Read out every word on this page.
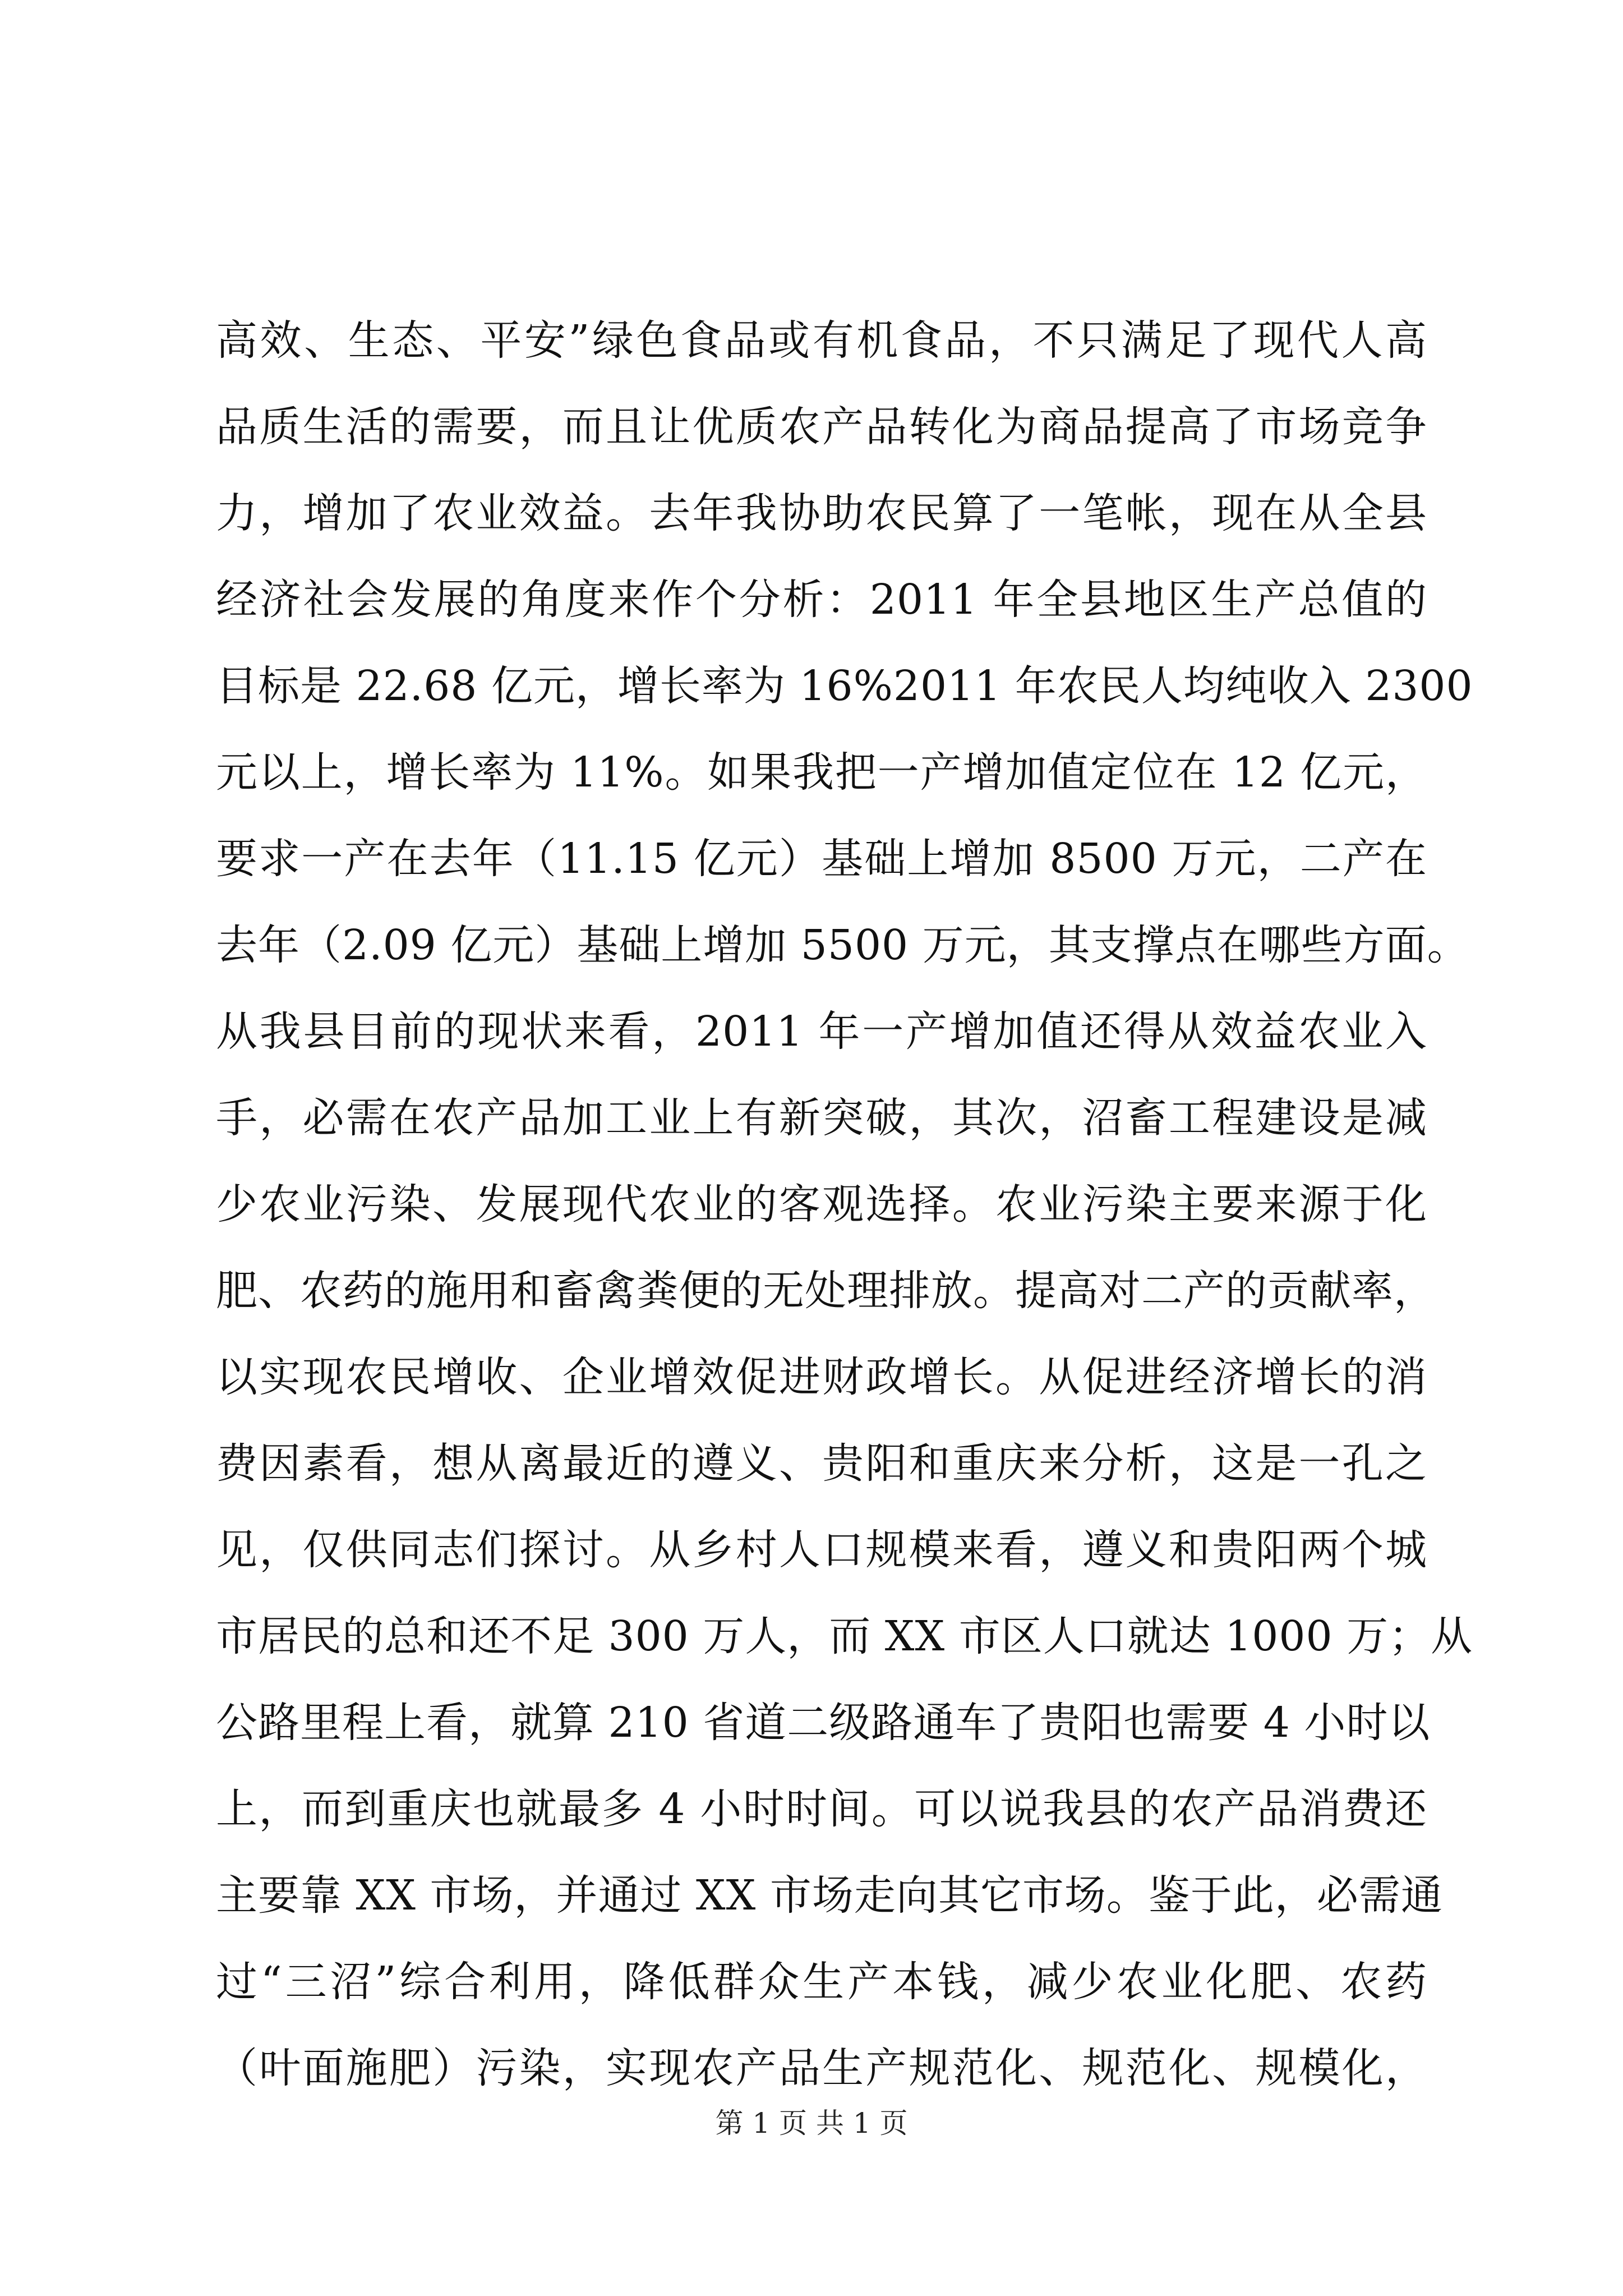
高效、生态、平安”绿色食品或有机食品，不只满足了现代人高
品质生活的需要，而且让优质农产品转化为商品提高了市场竞争
力，增加了农业效益。去年我协助农民算了一笔帐，现在从全县
经济社会发展的角度来作个分析：2011 年全县地区生产总值的
目标是 22.68 亿元，增长率为 16%2011 年农民人均纯收入 2300
元以上，增长率为 11%。如果我把一产增加值定位在 12 亿元，
要求一产在去年（11.15 亿元）基础上增加 8500 万元，二产在
去年（2.09 亿元）基础上增加 5500 万元，其支撑点在哪些方面。
从我县目前的现状来看，2011 年一产增加值还得从效益农业入
手，必需在农产品加工业上有新突破，其次，沼畜工程建设是减
少农业污染、发展现代农业的客观选择。农业污染主要来源于化
肥、农药的施用和畜禽粪便的无处理排放。提高对二产的贡献率，
以实现农民增收、企业增效促进财政增长。从促进经济增长的消
费因素看，想从离最近的遵义、贵阳和重庆来分析，这是一孔之
见，仅供同志们探讨。从乡村人口规模来看，遵义和贵阳两个城
市居民的总和还不足 300 万人，而 XX 市区人口就达 1000 万；从
公路里程上看，就算 210 省道二级路通车了贵阳也需要 4 小时以
上，而到重庆也就最多 4 小时时间。可以说我县的农产品消费还
主要靠 XX 市场，并通过 XX 市场走向其它市场。鉴于此，必需通
过“三沼”综合利用，降低群众生产本钱，减少农业化肥、农药
（叶面施肥）污染，实现农产品生产规范化、规范化、规模化，
第 1 页 共 1 页
